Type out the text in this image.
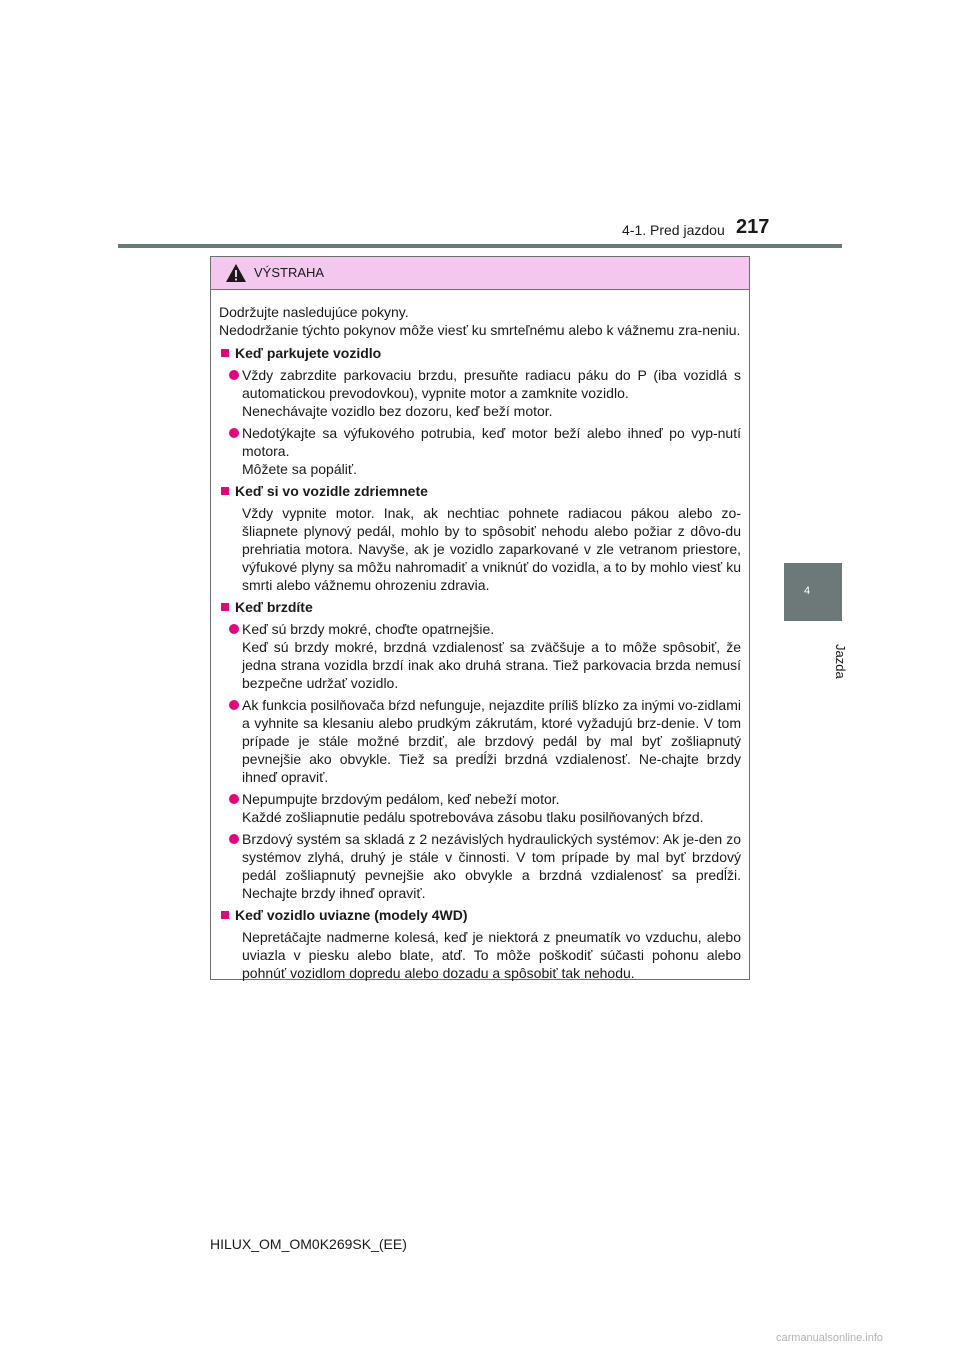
4-1. Pred jazdou 217
4
Jazda
VÝSTRAHA
Dodržujte nasledujúce pokyny.
Nedodržanie týchto pokynov môže viesť ku smrteľnému alebo k vážnemu zra-neniu.
Keď parkujete vozidlo
Vždy zabrzdite parkovaciu brzdu, presuňte radiacu páku do P (iba vozidlá s automatickou prevodovkou), vypnite motor a zamknite vozidlo.
Nenechávajte vozidlo bez dozoru, keď beží motor.
Nedotýkajte sa výfukového potrubia, keď motor beží alebo ihneď po vyp-nutí motora.
Môžete sa popáliť.
Keď si vo vozidle zdriemnete
Vždy vypnite motor. Inak, ak nechtiac pohnete radiacou pákou alebo zo-šliapnete plynový pedál, mohlo by to spôsobiť nehodu alebo požiar z dôvo-du prehriatia motora. Navyše, ak je vozidlo zaparkované v zle vetranom priestore, výfukové plyny sa môžu nahromadiť a vniknúť do vozidla, a to by mohlo viesť ku smrti alebo vážnemu ohrozeniu zdravia.
Keď brzdíte
Keď sú brzdy mokré, choďte opatrnejšie.
Keď sú brzdy mokré, brzdná vzdialenosť sa zväčšuje a to môže spôsobiť, že jedna strana vozidla brzdí inak ako druhá strana. Tiež parkovacia brzda nemusí bezpečne udržať vozidlo.
Ak funkcia posilňovača bŕzd nefunguje, nejazdite príliš blízko za inými vo-zidlami a vyhnite sa klesaniu alebo prudkým zákrutám, ktoré vyžadujú brz-denie. V tom prípade je stále možné brzdiť, ale brzdový pedál by mal byť zošliapnutý pevnejšie ako obvykle. Tiež sa predĺži brzdná vzdialenosť. Ne-chajte brzdy ihneď opraviť.
Nepumpujte brzdovým pedálom, keď nebeží motor.
Každé zošliapnutie pedálu spotrebováva zásobu tlaku posilňovaných bŕzd.
Brzdový systém sa skladá z 2 nezávislých hydraulických systémov: Ak je-den zo systémov zlyhá, druhý je stále v činnosti. V tom prípade by mal byť brzdový pedál zošliapnutý pevnejšie ako obvykle a brzdná vzdialenosť sa predĺži. Nechajte brzdy ihneď opraviť.
Keď vozidlo uviazne (modely 4WD)
Nepretáčajte nadmerne kolesá, keď je niektorá z pneumatík vo vzduchu, alebo uviazla v piesku alebo blate, atď. To môže poškodiť súčasti pohonu alebo pohnúť vozidlom dopredu alebo dozadu a spôsobiť tak nehodu.
HILUX_OM_OM0K269SK_(EE)
carmanualsonline.info
